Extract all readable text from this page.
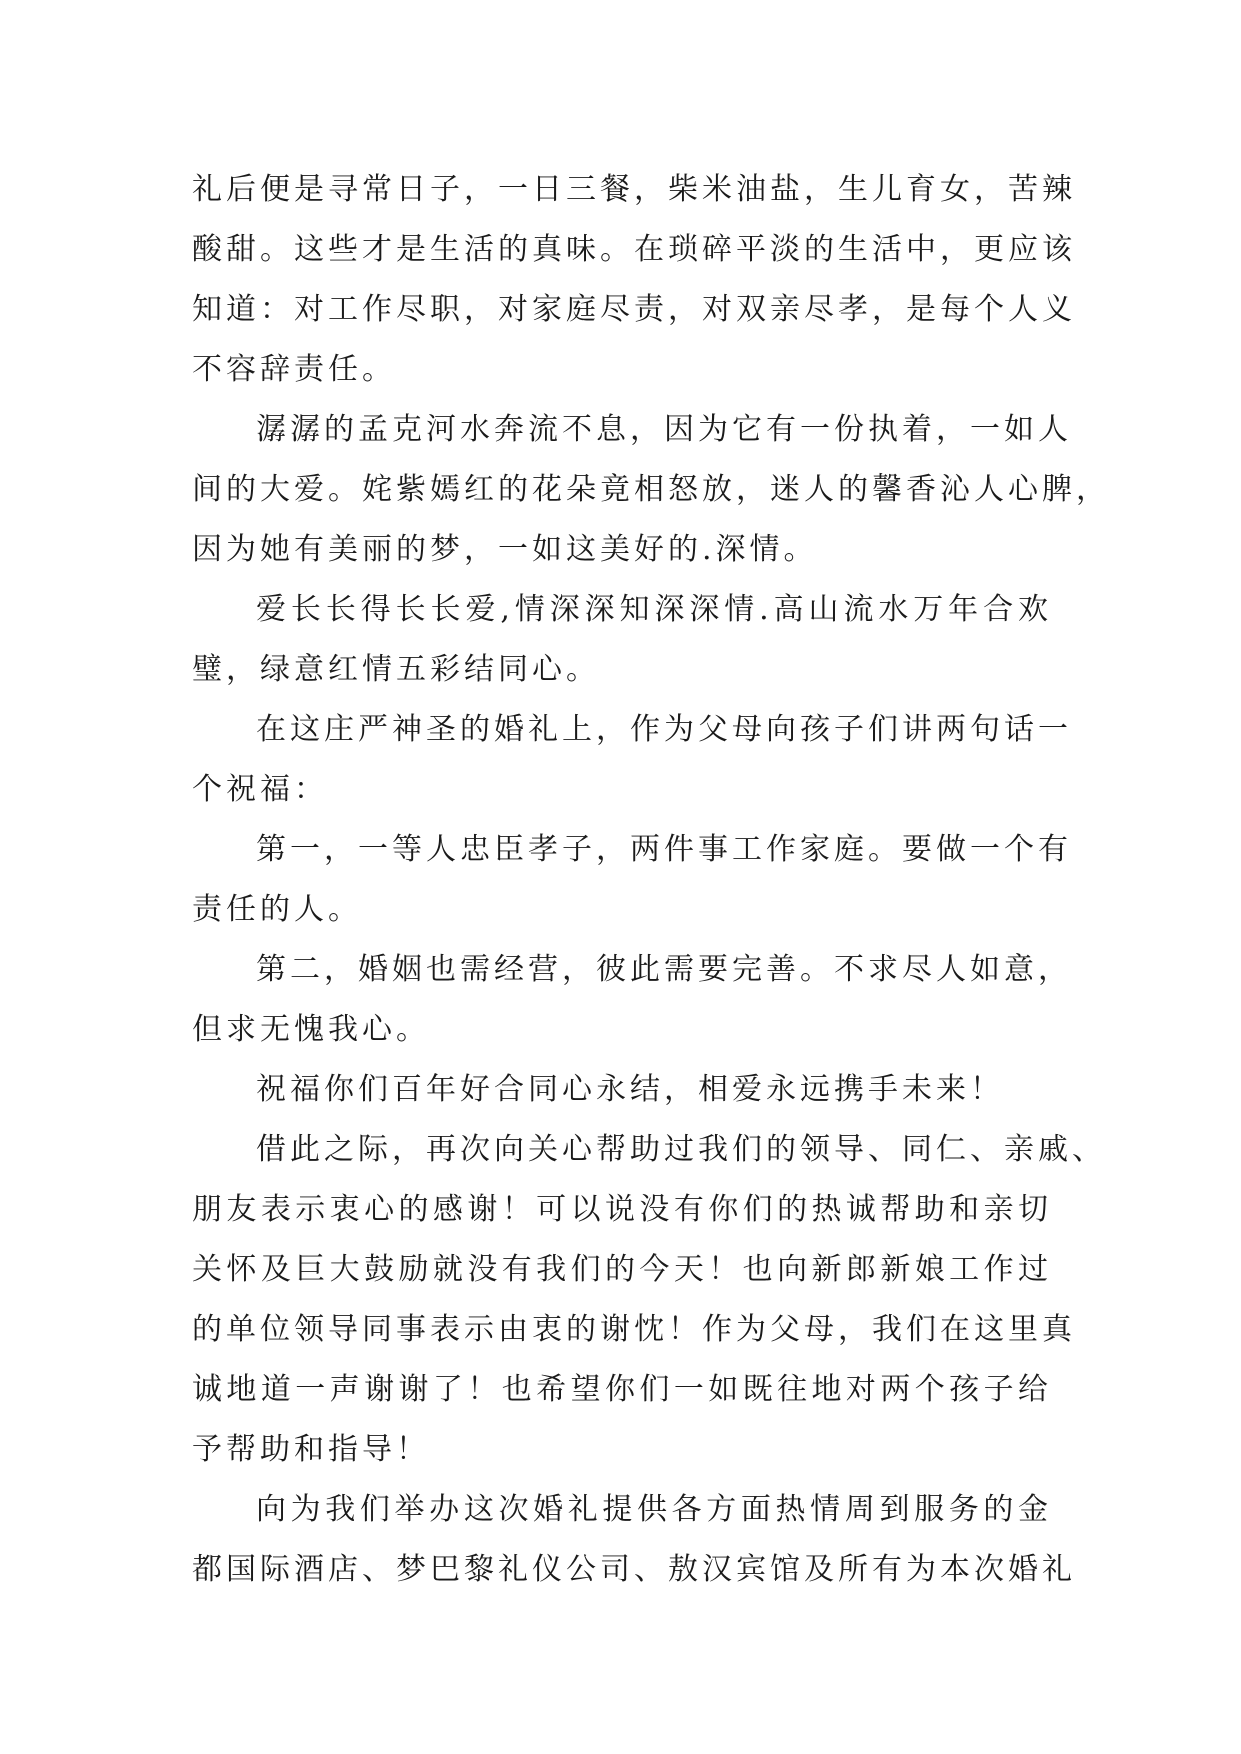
礼后便是寻常日子，一日三餐，柴米油盐，生儿育女，苦辣
酸甜。这些才是生活的真味。在琐碎平淡的生活中，更应该
知道：对工作尽职，对家庭尽责，对双亲尽孝，是每个人义
不容辞责任。
潺潺的孟克河水奔流不息，因为它有一份执着，一如人
间的大爱。姹紫嫣红的花朵竟相怒放，迷人的馨香沁人心脾，
因为她有美丽的梦，一如这美好的.深情。
爱长长得长长爱,情深深知深深情.高山流水万年合欢
璧，绿意红情五彩结同心。
在这庄严神圣的婚礼上，作为父母向孩子们讲两句话一
个祝福：
第一，一等人忠臣孝子，两件事工作家庭。要做一个有
责任的人。
第二，婚姻也需经营，彼此需要完善。不求尽人如意，
但求无愧我心。
祝福你们百年好合同心永结，相爱永远携手未来！
借此之际，再次向关心帮助过我们的领导、同仁、亲戚、
朋友表示衷心的感谢！可以说没有你们的热诚帮助和亲切
关怀及巨大鼓励就没有我们的今天！也向新郎新娘工作过
的单位领导同事表示由衷的谢忱！作为父母，我们在这里真
诚地道一声谢谢了！也希望你们一如既往地对两个孩子给
予帮助和指导！
向为我们举办这次婚礼提供各方面热情周到服务的金
都国际酒店、梦巴黎礼仪公司、敖汉宾馆及所有为本次婚礼
